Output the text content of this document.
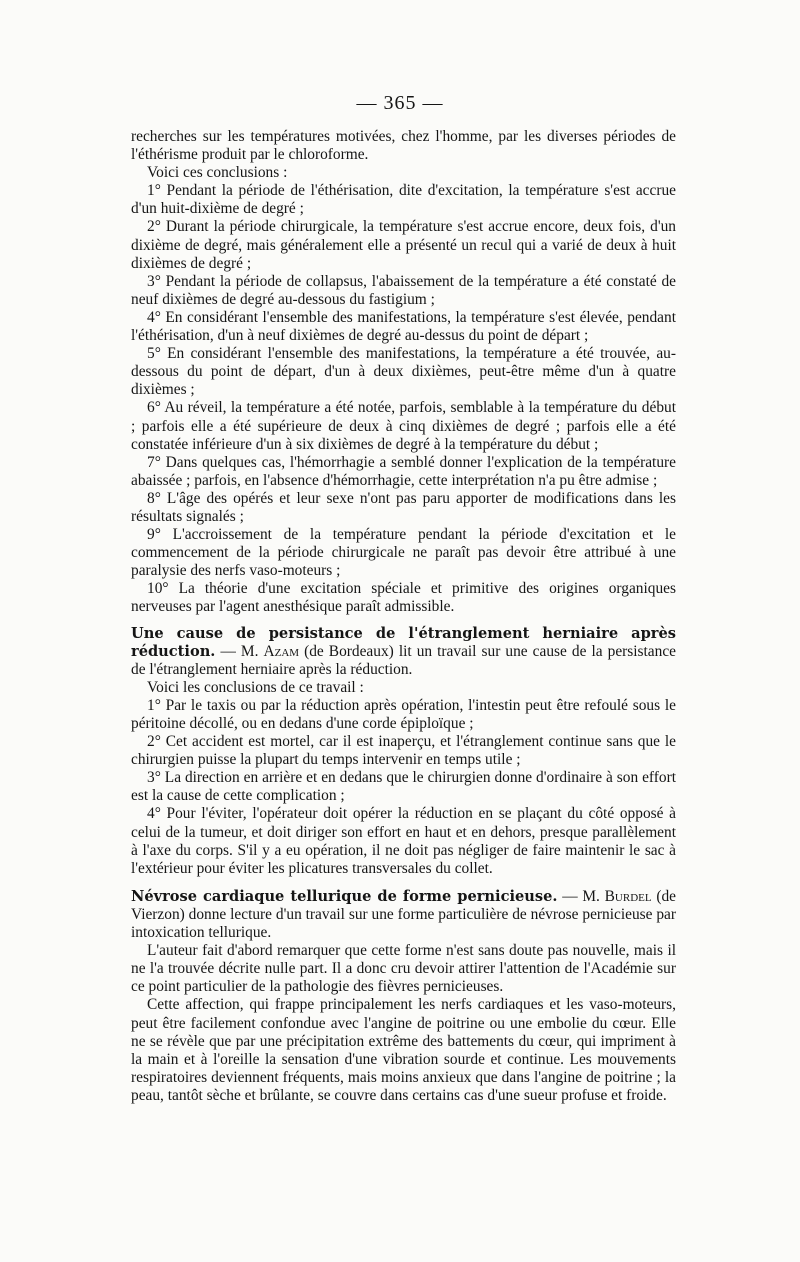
— 365 —

recherches sur les températures motivées, chez l'homme, par les diverses périodes de l'éthérisme produit par le chloroforme.

Voici ces conclusions :

1° Pendant la période de l'éthérisation, dite d'excitation, la température s'est accrue d'un huit-dixième de degré ;

2° Durant la période chirurgicale, la température s'est accrue encore, deux fois, d'un dixième de degré, mais généralement elle a présenté un recul qui a varié de deux à huit dixièmes de degré ;

3° Pendant la période de collapsus, l'abaissement de la température a été constaté de neuf dixièmes de degré au-dessous du fastigium ;

4° En considérant l'ensemble des manifestations, la température s'est élevée, pendant l'éthérisation, d'un à neuf dixièmes de degré au-dessus du point de départ ;

5° En considérant l'ensemble des manifestations, la température a été trouvée, au-dessous du point de départ, d'un à deux dixièmes, peut-être même d'un à quatre dixièmes ;

6° Au réveil, la température a été notée, parfois, semblable à la température du début ; parfois elle a été supérieure de deux à cinq dixièmes de degré ; parfois elle a été constatée inférieure d'un à six dixièmes de degré à la température du début ;

7° Dans quelques cas, l'hémorrhagie a semblé donner l'explication de la température abaissée ; parfois, en l'absence d'hémorrhagie, cette interprétation n'a pu être admise ;

8° L'âge des opérés et leur sexe n'ont pas paru apporter de modifications dans les résultats signalés ;

9° L'accroissement de la température pendant la période d'excitation et le commencement de la période chirurgicale ne paraît pas devoir être attribué à une paralysie des nerfs vaso-moteurs ;

10° La théorie d'une excitation spéciale et primitive des origines organiques nerveuses par l'agent anesthésique paraît admissible.

Une cause de persistance de l'étranglement herniaire après réduction. — M. Azam (de Bordeaux) lit un travail sur une cause de la persistance de l'étranglement herniaire après la réduction.

Voici les conclusions de ce travail :

1° Par le taxis ou par la réduction après opération, l'intestin peut être refoulé sous le péritoine décollé, ou en dedans d'une corde épiploïque ;

2° Cet accident est mortel, car il est inaperçu, et l'étranglement continue sans que le chirurgien puisse la plupart du temps intervenir en temps utile ;

3° La direction en arrière et en dedans que le chirurgien donne d'ordinaire à son effort est la cause de cette complication ;

4° Pour l'éviter, l'opérateur doit opérer la réduction en se plaçant du côté opposé à celui de la tumeur, et doit diriger son effort en haut et en dehors, presque parallèlement à l'axe du corps. S'il y a eu opération, il ne doit pas négliger de faire maintenir le sac à l'extérieur pour éviter les plicatures transversales du collet.

Névrose cardiaque tellurique de forme pernicieuse. — M. Burdel (de Vierzon) donne lecture d'un travail sur une forme particulière de névrose pernicieuse par intoxication tellurique.

L'auteur fait d'abord remarquer que cette forme n'est sans doute pas nouvelle, mais il ne l'a trouvée décrite nulle part. Il a donc cru devoir attirer l'attention de l'Académie sur ce point particulier de la pathologie des fièvres pernicieuses.

Cette affection, qui frappe principalement les nerfs cardiaques et les vaso-moteurs, peut être facilement confondue avec l'angine de poitrine ou une embolie du cœur. Elle ne se révèle que par une précipitation extrême des battements du cœur, qui impriment à la main et à l'oreille la sensation d'une vibration sourde et continue. Les mouvements respiratoires deviennent fréquents, mais moins anxieux que dans l'angine de poitrine ; la peau, tantôt sèche et brûlante, se couvre dans certains cas d'une sueur profuse et froide.
